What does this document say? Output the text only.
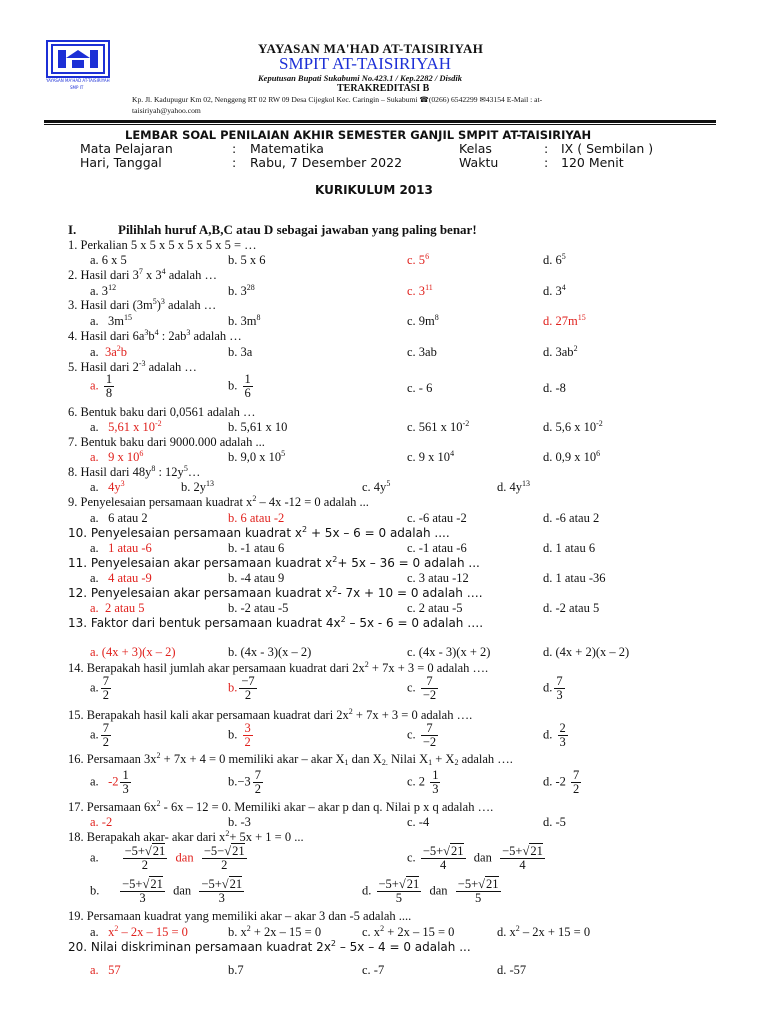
YAYASAN MA'HAD AT-TAISIRIYAH
SMP IT
YAYASAN MA'HAD AT-TAISIRIYAH
SMPIT AT-TAISIRIYAH
Keputusan Bupati Sukabumi No.423.1 / Kep.2282 / Disdik
TERAKREDITASI B
Kp. Jl. Kadupugur Km 02, Nenggeng RT 02 RW 09 Desa Cijegkol Kec. Caringin – Sukabumi ☎(0266) 6542299 ✉43154 E-Mail : at-
taisiriyah@yahoo.com
LEMBAR SOAL PENILAIAN AKHIR SEMESTER GANJIL SMPIT AT-TAISIRIYAH
Mata Pelajaran	: Matematika	Kelas	: IX ( Sembilan )
Hari, Tanggal	: Rabu, 7 Desember 2022	Waktu	: 120 Menit
KURIKULUM 2013
I.	Pilihlah huruf A,B,C atau D sebagai jawaban yang paling benar!
1. Perkalian 5 x 5 x 5 x 5 x 5 x 5 = …
a. 6 x 5	b. 5 x 6	c. $5^6$	d. $6^5$
2. Hasil dari $3^7$ x $3^4$ adalah …
a. $3^{12}$	b. $3^{28}$	c. $3^{11}$	d. $3^4$
3. Hasil dari $(3m^5)^3$ adalah …
a.   $3m^{15}$	b. $3m^8$	c. $9m^8$	d. $27m^{15}$
4. Hasil dari $6a^3b^4$ : $2ab^3$ adalah …
a.  $3a^2b$	b. 3a	c. 3ab	d. $3ab^2$
5. Hasil dari $2^{-3}$ adalah …
a. $\frac{1}{8}$	b. $\frac{1}{6}$	c. - 6	d. -8
6. Bentuk baku dari 0,0561 adalah …
a. 5,61 x $10^{-2}$	b. 5,61 x 10	c. 561 x $10^{-2}$	d. 5,6 x $10^{-2}$
7. Bentuk baku dari 9000.000 adalah ...
a. 9 x $10^6$	b. 9,0 x $10^5$	c. 9 x $10^4$	d. 0,9 x $10^6$
8. Hasil dari $48y^8$ : $12y^5\dots$
a.   $4y^3$	b. $2y^{13}$	c. $4y^5$	d. $4y^{13}$
9. Penyelesaian persamaan kuadrat $x^2 - 4x$ -12 = 0 adalah ...
a. 6 atau 2	b. 6 atau -2	c. -6 atau -2	d. -6 atau 2
10. Penyelesaian persamaan kuadrat $x^2 + 5x - 6 = 0$ adalah ....
a. 1 atau -6	b. -1 atau 6	c. -1 atau -6	d. 1 atau 6
11. Penyelesaian akar persamaan kuadrat $x^2+ 5x - 36 = 0$ adalah ...
a. 4 atau -9	b. -4 atau 9	c. 3 atau -12	d. 1 atau -36
12. Penyelesaian akar persamaan kuadrat $x^2-$ 7x + 10 = 0 adalah ….
a. 2 atau 5	b. -2 atau -5	c. 2 atau -5	d. -2 atau 5
13. Faktor dari bentuk persamaan kuadrat $4x^2 - 5x - 6 = 0$ adalah ….
a. (4x + 3)(x – 2)	b. (4x - 3)(x – 2)	c. (4x - 3)(x + 2)	d. (4x + 2)(x – 2)
14. Berapakah hasil jumlah akar persamaan kuadrat dari $2x^2 + 7x + 3 = 0$ adalah ….
a. $\frac{7}{2}$	b. $\frac{-7}{2}$	c. $\frac{7}{-2}$	d. $\frac{7}{3}$
15. Berapakah hasil kali akar persamaan kuadrat dari $2x^2 + 7x + 3 = 0$ adalah ….
a. $\frac{7}{2}$	b. $\frac{3}{2}$	c. $\frac{7}{-2}$	d. $\frac{2}{3}$
16. Persamaan $3x^2 + 7x + 4 = 0$ memiliki akar – akar $X_1$ dan $X_{2.}$ Nilai $X_1 + X_2$ adalah ….
a.   $-2 \frac{1}{3}$	$b.-3 \frac{7}{2}$	c. $2 \frac{1}{3}$	d. $-2 \frac{7}{2}$
17. Persamaan $6x^2 - 6x - 12 = 0$. Memiliki akar – akar p dan q. Nilai p x q adalah ….
a. -2	b. -3	c. -4	d. -5
18. Berapakah akar- akar dari $x^2+ 5x + 1 = 0$ ...
a. $\frac{-5+√21}{2}$ dan $\frac{-5-√21}{2}$	c. $\frac{-5+√21}{4}$ dan $\frac{-5+√21}{4}$
b. $\frac{-5+√21}{3}$ dan $\frac{-5+√21}{3}$	d. $\frac{-5+√21}{5}$ dan $\frac{-5+√21}{5}$
19. Persamaan kuadrat yang memiliki akar – akar 3 dan -5 adalah ....
a. $x^2 - 2x - 15 = 0$	b. $x^2 + 2x - 15 = 0$	c. $x^2 + 2x - 15 = 0$	d. $x^2 - 2x + 15 = 0$
20. Nilai diskriminan persamaan kuadrat $2x^2 - 5x - 4 = 0$ adalah ...
a. 57	b.7	c. -7	d. -57
